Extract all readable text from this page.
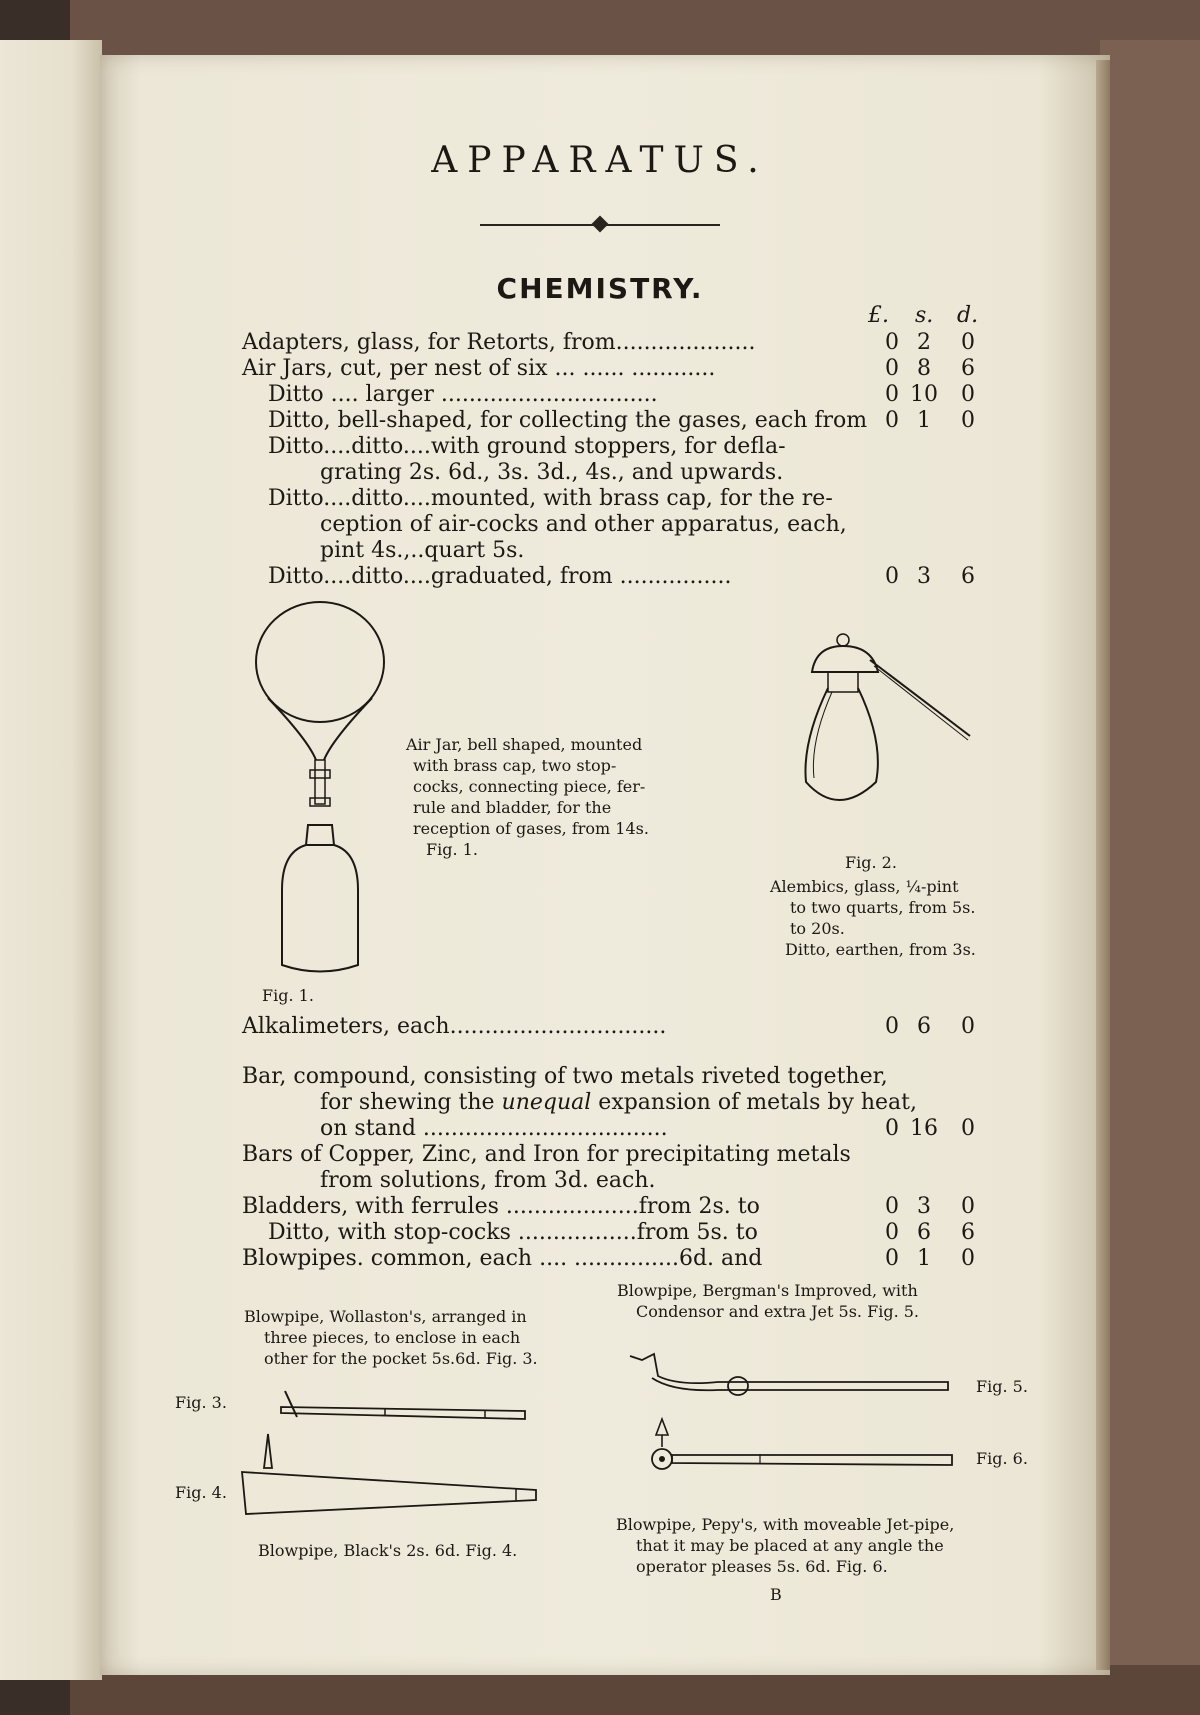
APPARATUS.
CHEMISTRY.
£. s. d.
Adapters, glass, for Retorts, from....................	0 2	0
Air Jars, cut, per nest of six ... ...... ............	0 8	6
Ditto .... larger ...............................	0 10	0
Ditto, bell-shaped, for collecting the gases, each from 0 1	0
Ditto....ditto....with ground stoppers, for defla-
grating 2s. 6d., 3s. 3d., 4s., and upwards.
Ditto....ditto....mounted, with brass cap, for the re-
ception of air-cocks and other apparatus, each,
pint 4s.,..quart 5s.
Ditto....ditto....graduated, from ................	0 3	6
Fig. 1.
Air Jar, bell shaped, mounted
with brass cap, two stop-
cocks, connecting piece, fer-
rule and bladder, for the
reception of gases, from 14s.
Fig. 1.
Fig. 2.
Alembics, glass, ¼-pint
to two quarts, from 5s.
to 20s.
Ditto, earthen, from 3s.
Alkalimeters, each...............................	0 6	0
Bar, compound, consisting of two metals riveted together,
for shewing the unequal expansion of metals by heat,
on stand ...................................	0 16	0
Bars of Copper, Zinc, and Iron for precipitating metals
from solutions, from 3d. each.
Bladders, with ferrules ...................from 2s. to	0 3	0
Ditto, with stop-cocks .................from 5s. to	0 6	6
Blowpipes. common, each .... ...............6d. and	0 1	0
Blowpipe, Bergman's Improved, with
Condensor and extra Jet 5s. Fig. 5.
Blowpipe, Wollaston's, arranged in
three pieces, to enclose in each
other for the pocket 5s.6d. Fig. 3.
Fig. 3.
Fig. 4.
Blowpipe, Black's 2s. 6d. Fig. 4.
Fig. 5.
Fig. 6.
Blowpipe, Pepy's, with moveable Jet-pipe,
that it may be placed at any angle the
operator pleases 5s. 6d. Fig. 6.
B
